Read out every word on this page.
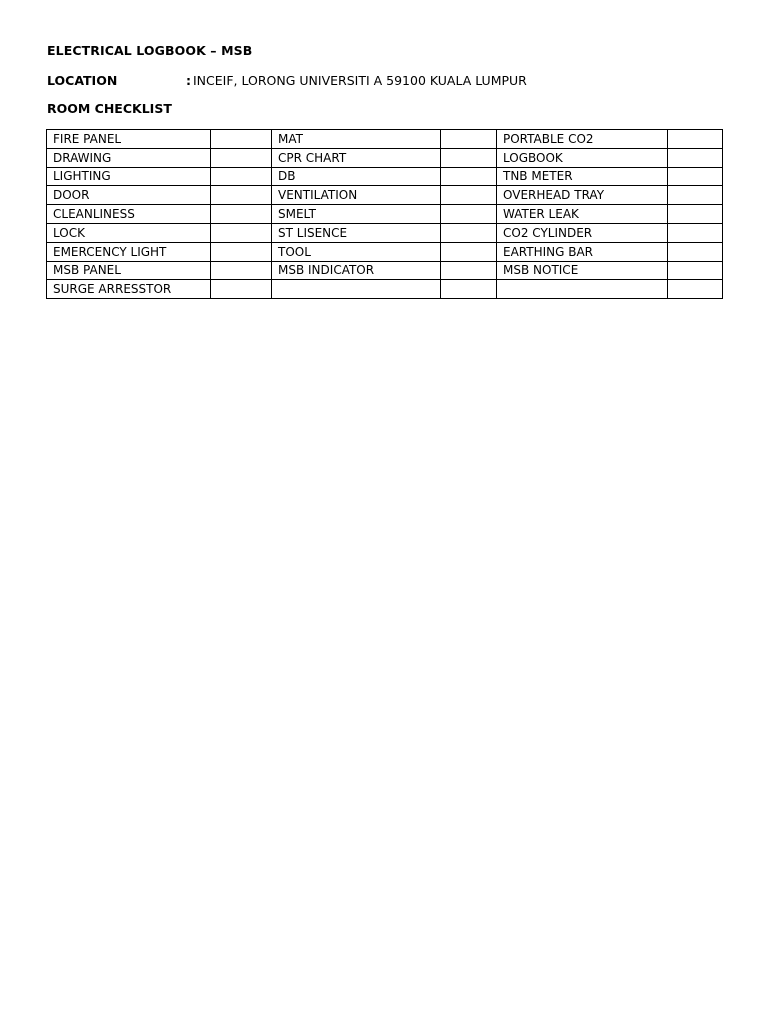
ELECTRICAL LOGBOOK – MSB
LOCATION	: INCEIF, LORONG UNIVERSITI A 59100 KUALA LUMPUR
ROOM CHECKLIST
FIRE PANEL		MAT		PORTABLE CO2	
DRAWING		CPR CHART		LOGBOOK	
LIGHTING		DB		TNB METER	
DOOR		VENTILATION		OVERHEAD TRAY	
CLEANLINESS		SMELT		WATER LEAK	
LOCK		ST LISENCE		CO2 CYLINDER	
EMERCENCY LIGHT		TOOL		EARTHING BAR	
MSB PANEL		MSB INDICATOR		MSB NOTICE	
SURGE ARRESSTOR					
